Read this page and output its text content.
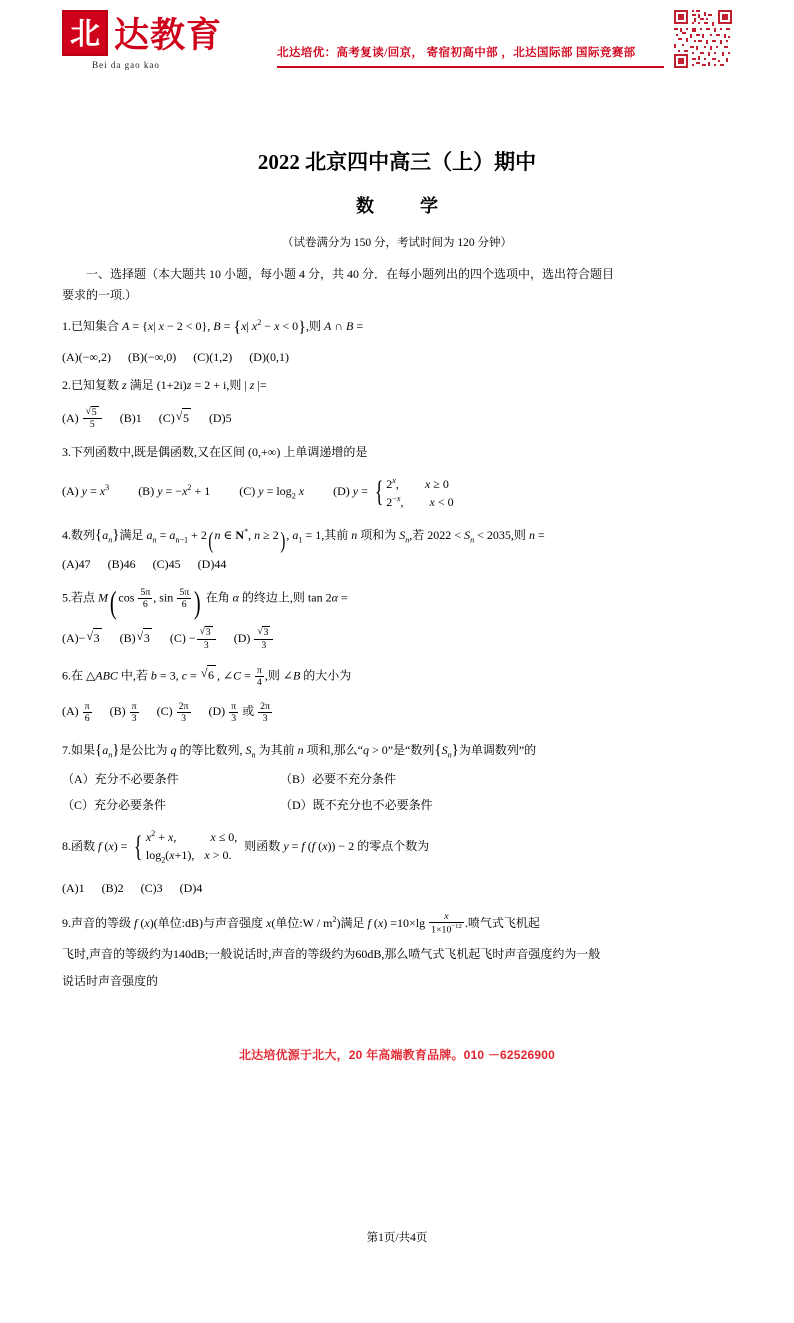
北 达教育
Bei da gao kao
北达培优：高考复读/回京， 寄宿初高中部 ，北达国际部 国际竞赛部
2022 北京四中高三（上）期中
数　学
（试卷满分为 150 分，考试时间为 120 分钟）
一、选择题（本大题共 10 小题，每小题 4 分，共 40 分．在每小题列出的四个选项中，选出符合题目
要求的一项.）
1.已知集合 A = {x| x − 2 < 0}, B = {x| $x^2 - x < 0$},则 A ∩ B =
(A)(−∞,2) (B)(−∞,0) (C)(1,2) (D)(0,1)
2.已知复数 z 满足 (1+2i)z = 2 + i,则 | z |=
(A) √ $\frac{5}{5} (B)1$ (C) √ 5 (D)5
3.下列函数中,既是偶函数,又在区间 (0,+∞) 上单调递增的是
(A) $y = x^3$ (B) $y = -x^2 + 1$ (C) $y = \log_2 x$ (D) y = { 2$^x$, x ≥ 0
$2^{-x}$, x < 0
4.数列$\{a_n\}$满足 $a_n = a_{n-1} + 2(n$ ∈ N*, n ≥ 2), $a_1 = 1$,其前 n 项和为 $S_n$,若 $2022 < S_n < 2035$,则 n =
(A)47 (B)46 (C)45 (D)44
5.若点 M( $\cos \frac{5\pi}{6}$ , $\sin \frac{5\pi}{6}$ ) 在角 α 的终边上,则 tan 2α =
(A)− √ 3 (B) √ 3 (C) − √ $\frac{3}{3} (D)$ √ $\frac{3}{3}$
6.在 △ABC 中,若 b = 3, c = √ 6 , ∠C = $\frac{\pi}{4}$ ,则 ∠B 的大小为
$(A) \frac{\pi}{6} (B) \frac{\pi}{3} (C) \frac{2\pi}{3} (D) \frac{\pi}{3}$ 或 $\frac{2\pi}{3}$
7.如果$\{a_n\}$是公比为 q 的等比数列, $S_n$ 为其前 n 项和,那么“q > 0”是“数列$\{S_n\}$为单调数列”的
（A）充分不必要条件	（B）必要不充分条件
（C）充分必要条件	（D）既不充分也不必要条件
8.函数 f (x) = { $x^2 + x$,	x ≤ 0,
$\log_2(x+1)$, x > 0.
则函数 y = f (f (x)) − 2 的零点个数为
(A)1 (B)2 (C)3 (D)4
9.声音的等级 f (x)(单位:dB)与声音强度 x(单位:W / $m^2$)满足 f $(x) =10\times\lg \frac{x}{1\times 10^{-12}}$ .喷气式飞机起
飞时,声音的等级约为140dB;一般说话时,声音的等级约为60dB,那么喷气式飞机起飞时声音强度约为一般
说话时声音强度的
北达培优源于北大，20 年高端教育品牌。010 －62526900
第1页/共4页
